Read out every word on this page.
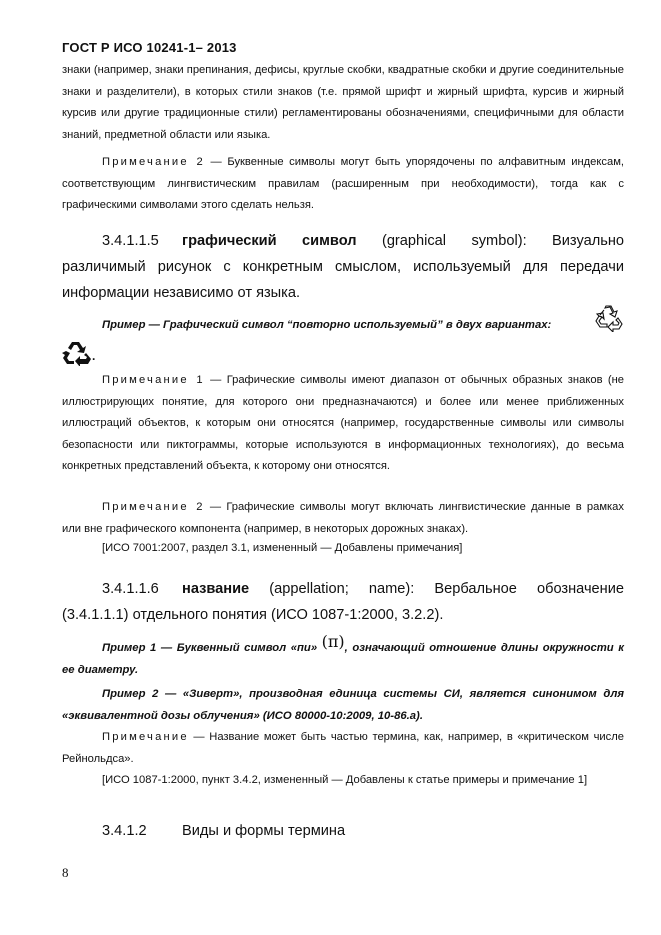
ГОСТ Р ИСО 10241-1– 2013
знаки (например, знаки препинания, дефисы, круглые скобки, квадратные скобки и другие соединительные знаки и разделители), в которых стили знаков (т.е. прямой шрифт и жирный шрифта, курсив и жирный курсив или другие традиционные стили) регламентированы обозначениями, специфичными для области знаний, предметной области или языка.
Примечание 2 — Буквенные символы могут быть упорядочены по алфавитным индексам, соответствующим лингвистическим правилам (расширенным при необходимости), тогда как с графическими символами этого сделать нельзя.
3.4.1.1.5 графический символ (graphical symbol): Визуально различимый рисунок с конкретным смыслом, используемый для передачи информации независимо от языка.
Пример — Графический символ “повторно используемый” в двух вариантах:
.
Примечание 1 — Графические символы имеют диапазон от обычных образных знаков (не иллюстрирующих понятие, для которого они предназначаются) и более или менее приближенных иллюстраций объектов, к которым они относятся (например, государственные символы или символы безопасности или пиктограммы, которые используются в информационных технологиях), до весьма конкретных представлений объекта, к которому они относятся.
Примечание 2 — Графические символы могут включать лингвистические данные в рамках или вне графического компонента (например, в некоторых дорожных знаках).
[ИСО 7001:2007, раздел 3.1, измененный — Добавлены примечания]
3.4.1.1.6 название (appellation; name): Вербальное обозначение (3.4.1.1.1) отдельного понятия (ИСО 1087-1:2000, 3.2.2).
Пример 1 — Буквенный символ «пи» (π), означающий отношение длины окружности к ее диаметру.
Пример 2 — «Зиверт», производная единица системы СИ, является синонимом для «эквивалентной дозы облучения» (ИСО 80000-10:2009, 10-86.а).
Примечание — Название может быть частью термина, как, например, в «критическом числе Рейнольдса».
[ИСО 1087-1:2000, пункт 3.4.2, измененный — Добавлены к статье примеры и примечание 1]
3.4.1.2 Виды и формы термина
8
